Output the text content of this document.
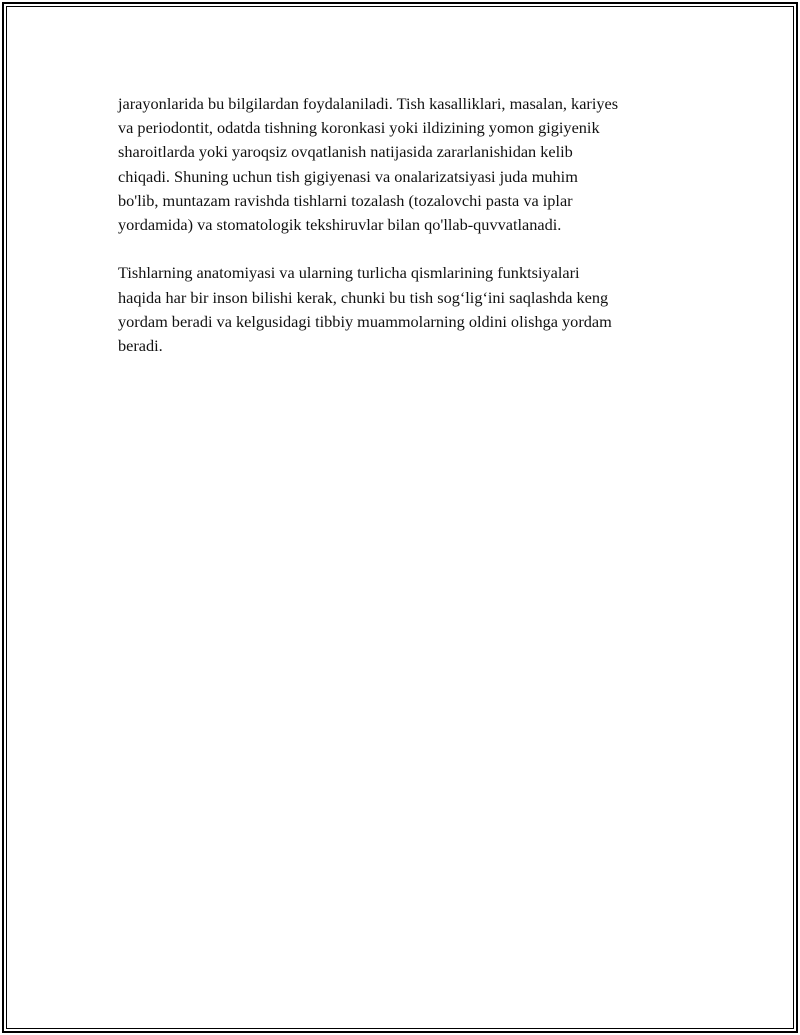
jarayonlarida bu bilgilardan foydalaniladi. Tish kasalliklari, masalan, kariyes
va periodontit, odatda tishning koronkasi yoki ildizining yomon gigiyenik
sharoitlarda yoki yaroqsiz ovqatlanish natijasida zararlanishidan kelib
chiqadi. Shuning uchun tish gigiyenasi va onalarizatsiyasi juda muhim
bo'lib, muntazam ravishda tishlarni tozalash (tozalovchi pasta va iplar
yordamida) va stomatologik tekshiruvlar bilan qo'llab-quvvatlanadi.

Tishlarning anatomiyasi va ularning turlicha qismlarining funktsiyalari
haqida har bir inson bilishi kerak, chunki bu tish sog‘lig‘ini saqlashda keng
yordam beradi va kelgusidagi tibbiy muammolarning oldini olishga yordam
beradi.
